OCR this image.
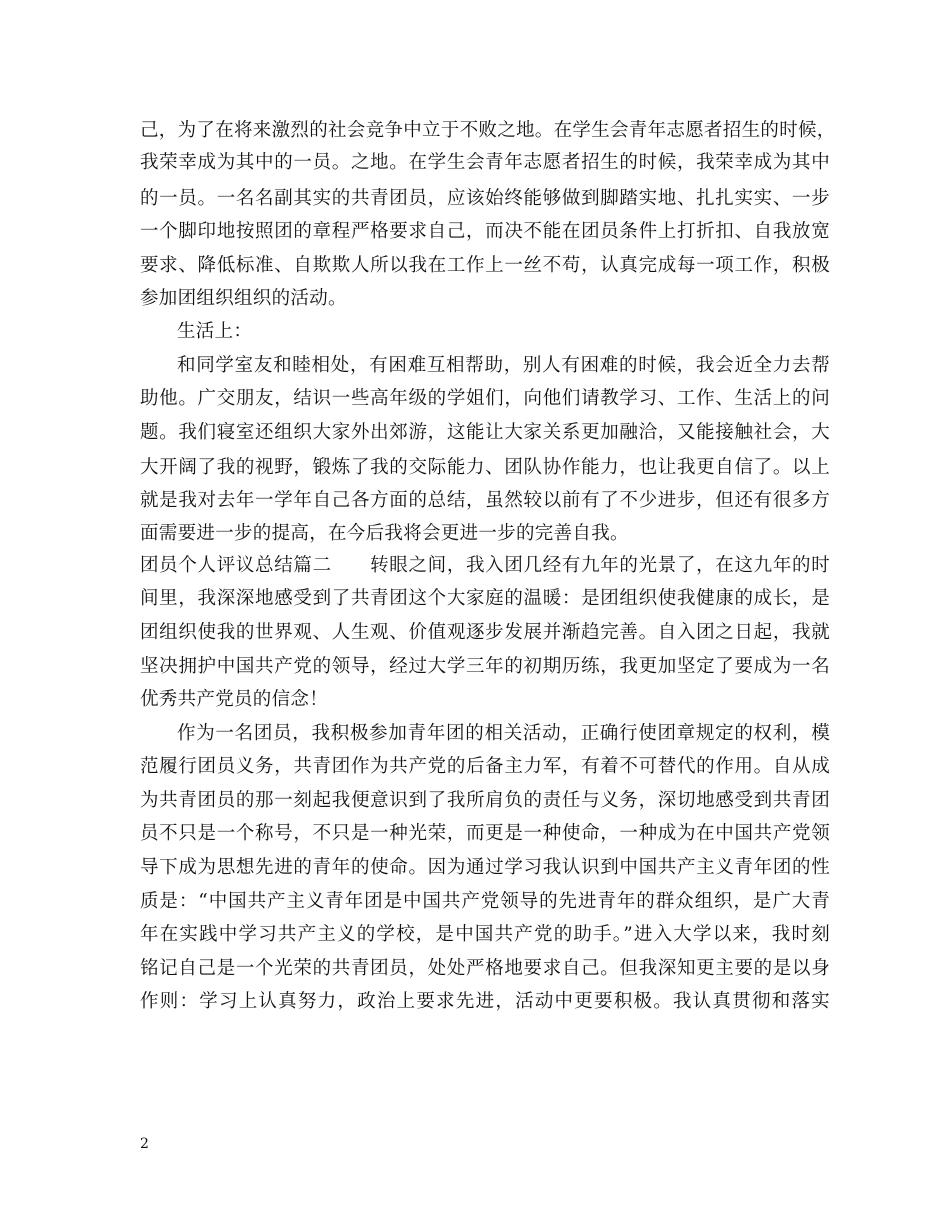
己，为了在将来激烈的社会竞争中立于不败之地。在学生会青年志愿者招生的时候，
我荣幸成为其中的一员。之地。在学生会青年志愿者招生的时候，我荣幸成为其中
的一员。一名名副其实的共青团员，应该始终能够做到脚踏实地、扎扎实实、一步
一个脚印地按照团的章程严格要求自己，而决不能在团员条件上打折扣、自我放宽
要求、降低标准、自欺欺人所以我在工作上一丝不苟，认真完成每一项工作，积极
参加团组织组织的活动。
生活上：
和同学室友和睦相处，有困难互相帮助，别人有困难的时候，我会近全力去帮
助他。广交朋友，结识一些高年级的学姐们，向他们请教学习、工作、生活上的问
题。我们寝室还组织大家外出郊游，这能让大家关系更加融洽，又能接触社会，大
大开阔了我的视野，锻炼了我的交际能力、团队协作能力，也让我更自信了。以上
就是我对去年一学年自己各方面的总结，虽然较以前有了不少进步，但还有很多方
面需要进一步的提高，在今后我将会更进一步的完善自我。
团员个人评议总结篇二　　转眼之间，我入团几经有九年的光景了，在这九年的时
间里，我深深地感受到了共青团这个大家庭的温暖：是团组织使我健康的成长，是
团组织使我的世界观、人生观、价值观逐步发展并渐趋完善。自入团之日起，我就
坚决拥护中国共产党的领导，经过大学三年的初期历练，我更加坚定了要成为一名
优秀共产党员的信念！
作为一名团员，我积极参加青年团的相关活动，正确行使团章规定的权利，模
范履行团员义务，共青团作为共产党的后备主力军，有着不可替代的作用。自从成
为共青团员的那一刻起我便意识到了我所肩负的责任与义务，深切地感受到共青团
员不只是一个称号，不只是一种光荣，而更是一种使命，一种成为在中国共产党领
导下成为思想先进的青年的使命。因为通过学习我认识到中国共产主义青年团的性
质是：“中国共产主义青年团是中国共产党领导的先进青年的群众组织，是广大青
年在实践中学习共产主义的学校，是中国共产党的助手。”进入大学以来，我时刻
铭记自己是一个光荣的共青团员，处处严格地要求自己。但我深知更主要的是以身
作则：学习上认真努力，政治上要求先进，活动中更要积极。我认真贯彻和落实
2
